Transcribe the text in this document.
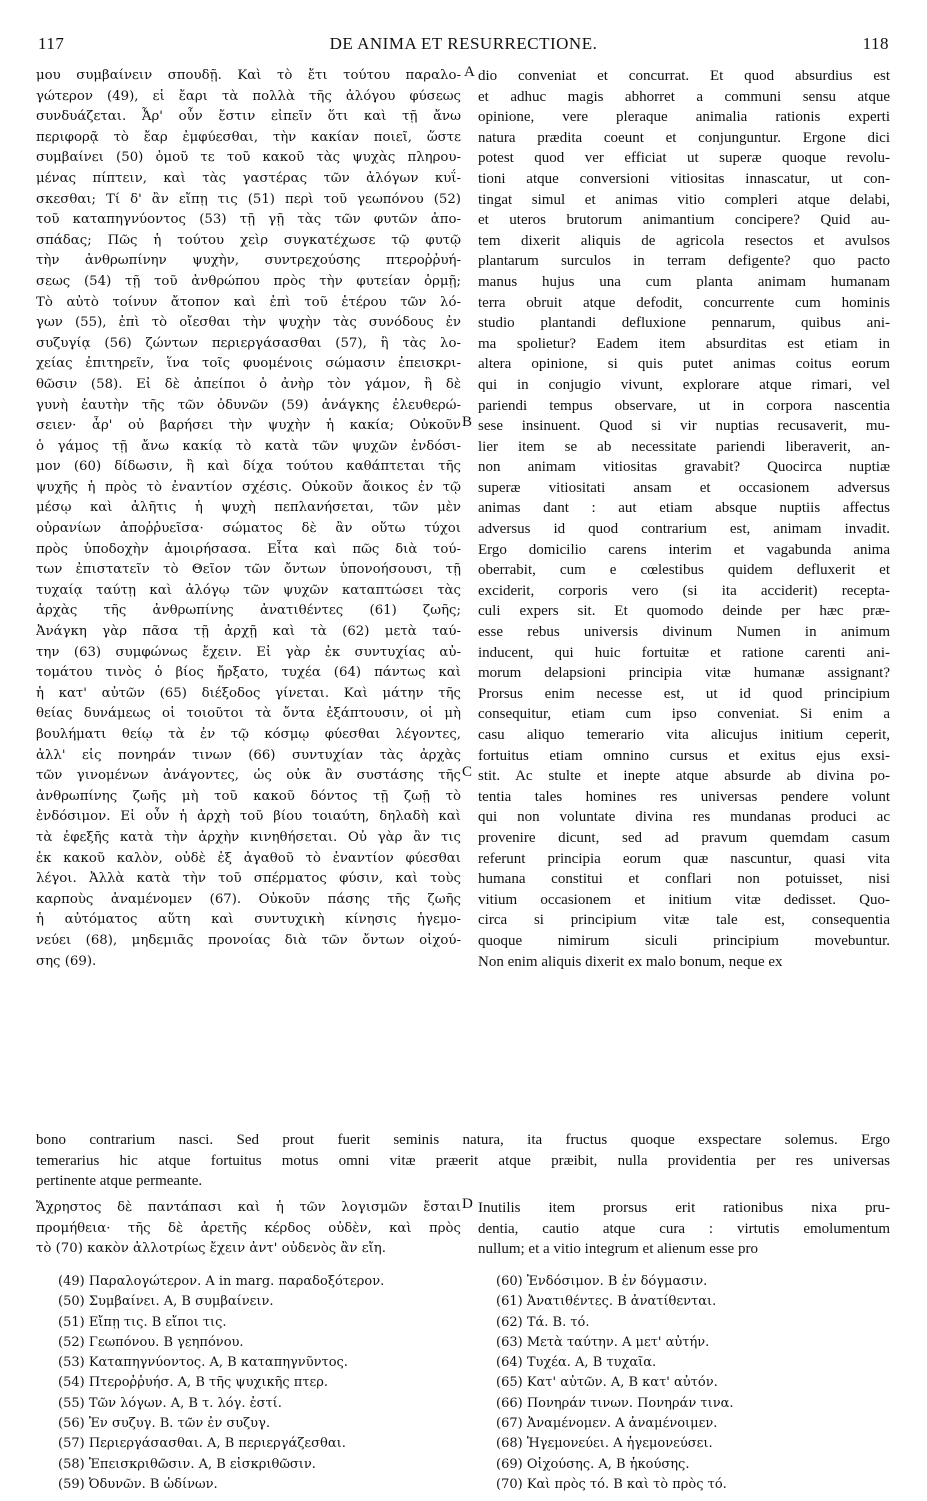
117	DE ANIMA ET RESURRECTIONE.	118
μου συμβαίνειν σπουδῇ. Καὶ τὸ ἔτι τούτου παραλο-
γώτερον (49), εἰ ἔαρι τὰ πολλὰ τῆς ἀλόγου φύσεως
συνδυάζεται. Ἆρ' οὖν ἔστιν εἰπεῖν ὅτι καὶ τῇ ἄνω
περιφορᾷ τὸ ἔαρ ἐμφύεσθαι, τὴν κακίαν ποιεῖ, ὥστε
συμβαίνει (50) ὁμοῦ τε τοῦ κακοῦ τὰς ψυχὰς πληρου-
μένας πίπτειν, καὶ τὰς γαστέρας τῶν ἀλόγων κυΐ-
σκεσθαι; Τί δ' ἂν εἴπῃ τις (51) περὶ τοῦ γεωπόνου (52)
τοῦ καταπηγνύοντος (53) τῇ γῇ τὰς τῶν φυτῶν ἀπο-
σπάδας; Πῶς ἡ τούτου χεὶρ συγκατέχωσε τῷ φυτῷ
τὴν ἀνθρωπίνην ψυχὴν, συντρεχούσης πτεροῤῥυή-
σεως (54) τῇ τοῦ ἀνθρώπου πρὸς τὴν φυτείαν ὁρμῇ;
Τὸ αὐτὸ τοίνυν ἄτοπον καὶ ἐπὶ τοῦ ἑτέρου τῶν λό-
γων (55), ἐπὶ τὸ οἴεσθαι τὴν ψυχὴν τὰς συνόδους ἐν
συζυγίᾳ (56) ζώντων περιεργάσασθαι (57), ἢ τὰς λο-
χείας ἐπιτηρεῖν, ἵνα τοῖς φυομένοις σώμασιν ἐπεισκρι-
θῶσιν (58). Εἰ δὲ ἀπείποι ὁ ἀνὴρ τὸν γάμον, ἢ δὲ
γυνὴ ἑαυτὴν τῆς τῶν ὀδυνῶν (59) ἀνάγκης ἐλευθερώ-
σειεν· ἆρ' οὐ βαρήσει τὴν ψυχὴν ἡ κακία; Οὐκοῦν
ὁ γάμος τῇ ἄνω κακίᾳ τὸ κατὰ τῶν ψυχῶν ἐνδόσι-
μον (60) δίδωσιν, ἢ καὶ δίχα τούτου καθάπτεται τῆς
ψυχῆς ἡ πρὸς τὸ ἐναντίον σχέσις. Οὐκοῦν ἄοικος ἐν τῷ
μέσῳ καὶ ἀλῆτις ἡ ψυχὴ πεπλανήσεται, τῶν μὲν
οὐρανίων ἀποῤῥυεῖσα· σώματος δὲ ἂν οὕτω τύχοι
πρὸς ὑποδοχὴν ἀμοιρήσασα. Εἶτα καὶ πῶς διὰ τού-
των ἐπιστατεῖν τὸ Θεῖον τῶν ὄντων ὑπονοήσουσι, τῇ
τυχαίᾳ ταύτῃ καὶ ἀλόγῳ τῶν ψυχῶν καταπτώσει τὰς
ἀρχὰς τῆς ἀνθρωπίνης ἀνατιθέντες (61) ζωῆς;
Ἀνάγκη γὰρ πᾶσα τῇ ἀρχῇ καὶ τὰ (62) μετὰ ταύ-
την (63) συμφώνως ἔχειν. Εἰ γὰρ ἐκ συντυχίας αὐ-
τομάτου τινὸς ὁ βίος ἤρξατο, τυχέα (64) πάντως καὶ
ἡ κατ' αὐτῶν (65) διέξοδος γίνεται. Καὶ μάτην τῆς
θείας δυνάμεως οἱ τοιοῦτοι τὰ ὄντα ἐξάπτουσιν, οἱ μὴ
βουλήματι θείῳ τὰ ἐν τῷ κόσμῳ φύεσθαι λέγοντες,
ἀλλ' εἰς πονηράν τινων (66) συντυχίαν τὰς ἀρχὰς
τῶν γινομένων ἀνάγοντες, ὡς οὐκ ἂν συστάσης τῆς
ἀνθρωπίνης ζωῆς μὴ τοῦ κακοῦ δόντος τῇ ζωῇ τὸ
ἐνδόσιμον. Εἰ οὖν ἡ ἀρχὴ τοῦ βίου τοιαύτη, δηλαδὴ καὶ
τὰ ἐφεξῆς κατὰ τὴν ἀρχὴν κινηθήσεται. Οὐ γὰρ ἂν τις
ἐκ κακοῦ καλὸν, οὐδὲ ἐξ ἀγαθοῦ τὸ ἐναντίον φύεσθαι
λέγοι. Ἀλλὰ κατὰ τὴν τοῦ σπέρματος φύσιν, καὶ τοὺς
καρποὺς ἀναμένομεν (67). Οὐκοῦν πάσης τῆς ζωῆς
ἡ αὐτόματος αὕτη καὶ συντυχικὴ κίνησις ἡγεμο-
νεύει (68), μηδεμιᾶς προνοίας διὰ τῶν ὄντων οἰχού-
σης (69).
dio conveniat et concurrat. Et quod absurdius est
et adhuc magis abhorret a communi sensu atque
opinione, vere pleraque animalia rationis experti
natura prædita coeunt et conjunguntur. Ergone dici
potest quod ver efficiat ut superæ quoque revolu-
tioni atque conversioni vitiositas innascatur, ut con-
tingat simul et animas vitio compleri atque delabi,
et uteros brutorum animantium concipere? Quid au-
tem dixerit aliquis de agricola resectos et avulsos
plantarum surculos in terram defigente? quo pacto
manus hujus una cum planta animam humanam
terra obruit atque defodit, concurrente cum hominis
studio plantandi defluxione pennarum, quibus ani-
ma spolietur? Eadem item absurditas est etiam in
altera opinione, si quis putet animas coitus eorum
qui in conjugio vivunt, explorare atque rimari, vel
pariendi tempus observare, ut in corpora nascentia
sese insinuent. Quod si vir nuptias recusaverit, mu-
lier item se ab necessitate pariendi liberaverit, an-
non animam vitiositas gravabit? Quocirca nuptiæ
superæ vitiositati ansam et occasionem adversus
animas dant : aut etiam absque nuptiis affectus
adversus id quod contrarium est, animam invadit.
Ergo domicilio carens interim et vagabunda anima
oberrabit, cum e cœlestibus quidem defluxerit et
exciderit, corporis vero (si ita acciderit) recepta-
culi expers sit. Et quomodo deinde per hæc præ-
esse rebus universis divinum Numen in animum
inducent, qui huic fortuitæ et ratione carenti ani-
morum delapsioni principia vitæ humanæ assignant?
Prorsus enim necesse est, ut id quod principium
consequitur, etiam cum ipso conveniat. Si enim a
casu aliquo temerario vita alicujus initium ceperit,
fortuitus etiam omnino cursus et exitus ejus exsi-
stit. Ac stulte et inepte atque absurde ab divina po-
tentia tales homines res universas pendere volunt
qui non voluntate divina res mundanas produci ac
provenire dicunt, sed ad pravum quemdam casum
referunt principia eorum quæ nascuntur, quasi vita
humana constitui et conflari non potuisset, nisi
vitium occasionem et initium vitæ dedisset. Quo-
circa si principium vitæ tale est, consequentia
quoque nimirum siculi principium movebuntur.
Non enim aliquis dixerit ex malo bonum, neque ex
A
B
C
D
bono contrarium nasci. Sed prout fuerit seminis natura, ita fructus quoque exspectare solemus. Ergo
temerarius hic atque fortuitus motus omni vitæ præerit atque præibit, nulla providentia per res universas
pertinente atque permeante.
Ἄχρηστος δὲ παντάπασι καὶ ἡ τῶν λογισμῶν ἔσται
προμήθεια· τῆς δὲ ἀρετῆς κέρδος οὐδὲν, καὶ πρὸς
τὸ (70) κακὸν ἀλλοτρίως ἔχειν ἀντ' οὐδενὸς ἂν εἴη.
Inutilis item prorsus erit rationibus nixa pru-
dentia, cautio atque cura : virtutis emolumentum
nullum; et a vitio integrum et alienum esse pro
(49) Παραλογώτερον. A in marg. παραδοξότερον.
(50) Συμβαίνει. A, B συμβαίνειν.
(51) Εἴπῃ τις. B εἴποι τις.
(52) Γεωπόνου. B γεηπόνου.
(53) Καταπηγνύοντος. A, B καταπηγνῦντος.
(54) Πτεροῤῥυήσ. A, B τῆς ψυχικῆς πτερ.
(55) Τῶν λόγων. A, B τ. λόγ. ἐστί.
(56) Ἐν συζυγ. B. τῶν ἐν συζυγ.
(57) Περιεργάσασθαι. A, B περιεργάζεσθαι.
(58) Ἐπεισκριθῶσιν. A, B εἰσκριθῶσιν.
(59) Ὀδυνῶν. B ὠδίνων.
(60) Ἐνδόσιμον. B ἐν δόγμασιν.
(61) Ἀνατιθέντες. B ἀνατίθενται.
(62) Τά. B. τό.
(63) Μετὰ ταύτην. A μετ' αὐτήν.
(64) Τυχέα. A, B τυχαῖα.
(65) Κατ' αὐτῶν. A, B κατ' αὐτόν.
(66) Πονηράν τινων. Πονηράν τινα.
(67) Ἀναμένομεν. A ἀναμένοιμεν.
(68) Ἡγεμονεύει. A ἡγεμονεύσει.
(69) Οἰχούσης. A, B ἡκούσης.
(70) Καὶ πρὸς τό. B καὶ τὸ πρὸς τό.
